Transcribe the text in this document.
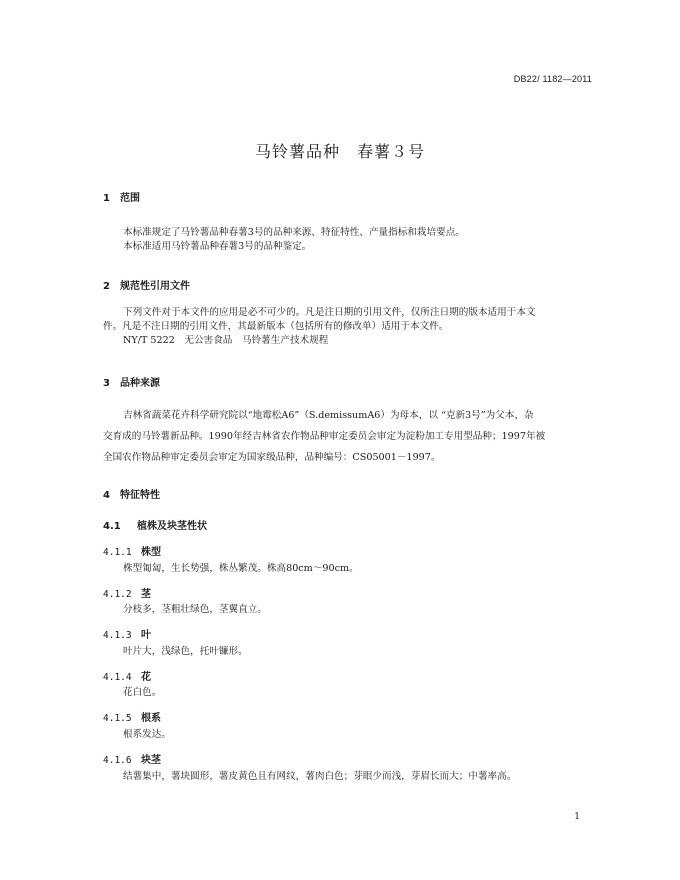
DB22/ 1182—2011
马铃薯品种　春薯３号
1 范围
本标准规定了马铃薯品种春薯3号的品种来源、特征特性、产量指标和栽培要点。
本标准适用马铃薯品种春薯3号的品种鉴定。
2 规范性引用文件
下列文件对于本文件的应用是必不可少的。凡是注日期的引用文件，仅所注日期的版本适用于本文
件。凡是不注日期的引用文件，其最新版本（包括所有的修改单）适用于本文件。
NY/T 5222　无公害食品　马铃薯生产技术规程
3 品种来源
吉林省蔬菜花卉科学研究院以“地霉松A6”（S.demissumA6）为母本，以 “克新3号”为父本，杂
交育成的马铃薯新品种。1990年经吉林省农作物品种审定委员会审定为淀粉加工专用型品种；1997年被
全国农作物品种审定委员会审定为国家级品种，品种编号：CS05001－1997。
4 特征特性
4.1 植株及块茎性状
4.1.1 株型
株型匍匐，生长势强，株丛繁茂。株高80cm～90cm。
4.1.2 茎
分枝多，茎粗壮绿色，茎翼直立。
4.1.3 叶
叶片大，浅绿色，托叶镰形。
4.1.4 花
花白色。
4.1.5 根系
根系发达。
4.1.6 块茎
结薯集中，薯块圆形，薯皮黄色且有网纹，薯肉白色；芽眼少而浅，芽眉长而大；中薯率高。
1
